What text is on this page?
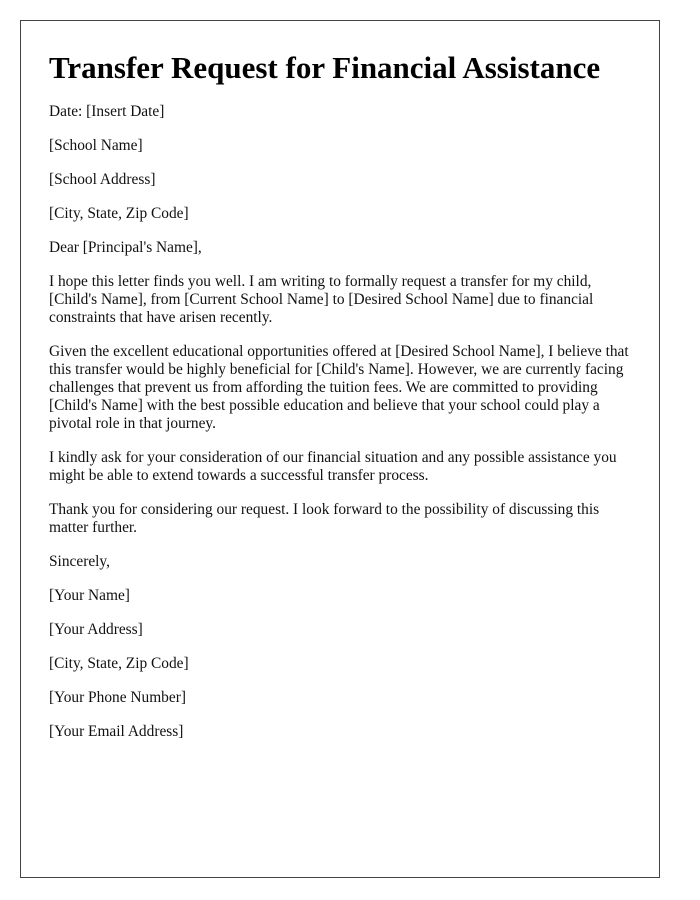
Transfer Request for Financial Assistance

Date: [Insert Date]

[School Name]

[School Address]

[City, State, Zip Code]

Dear [Principal's Name],

I hope this letter finds you well. I am writing to formally request a transfer for my child, [Child's Name], from [Current School Name] to [Desired School Name] due to financial constraints that have arisen recently.

Given the excellent educational opportunities offered at [Desired School Name], I believe that this transfer would be highly beneficial for [Child's Name]. However, we are currently facing challenges that prevent us from affording the tuition fees. We are committed to providing [Child's Name] with the best possible education and believe that your school could play a pivotal role in that journey.

I kindly ask for your consideration of our financial situation and any possible assistance you might be able to extend towards a successful transfer process.

Thank you for considering our request. I look forward to the possibility of discussing this matter further.

Sincerely,

[Your Name]

[Your Address]

[City, State, Zip Code]

[Your Phone Number]

[Your Email Address]
